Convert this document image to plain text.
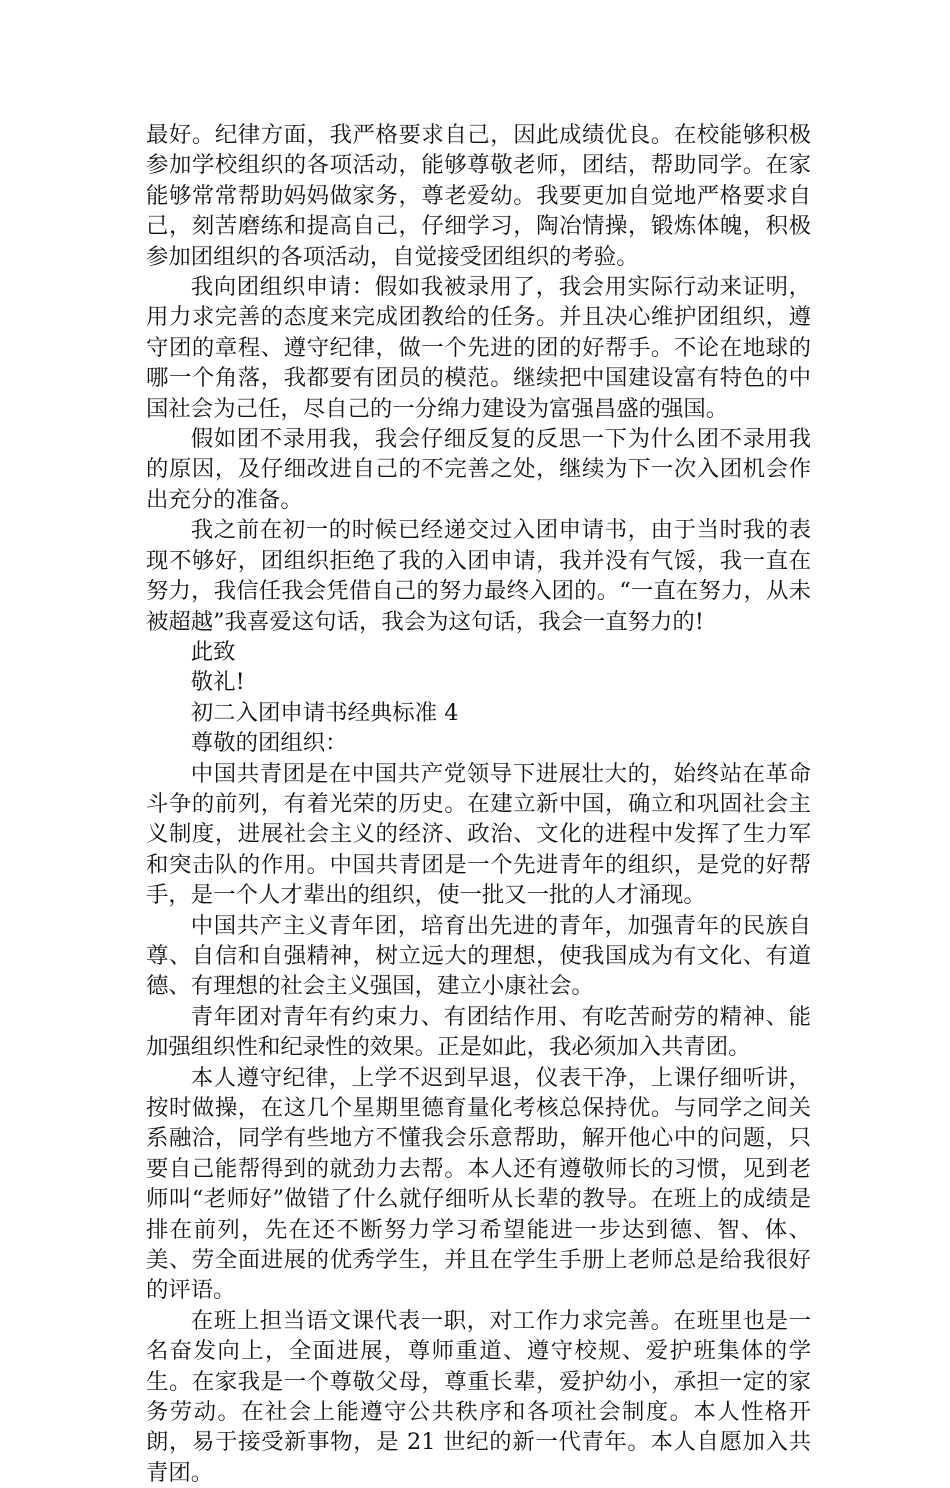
最好。纪律方面，我严格要求自己，因此成绩优良。在校能够积极参加学校组织的各项活动，能够尊敬老师，团结，帮助同学。在家能够常常帮助妈妈做家务，尊老爱幼。我要更加自觉地严格要求自己，刻苦磨练和提高自己，仔细学习，陶冶情操，锻炼体魄，积极参加团组织的各项活动，自觉接受团组织的考验。

我向团组织申请：假如我被录用了，我会用实际行动来证明，用力求完善的态度来完成团教给的任务。并且决心维护团组织，遵守团的章程、遵守纪律，做一个先进的团的好帮手。不论在地球的哪一个角落，我都要有团员的模范。继续把中国建设富有特色的中国社会为己任，尽自己的一分绵力建设为富强昌盛的强国。

假如团不录用我，我会仔细反复的反思一下为什么团不录用我的原因，及仔细改进自己的不完善之处，继续为下一次入团机会作出充分的准备。

我之前在初一的时候已经递交过入团申请书，由于当时我的表现不够好，团组织拒绝了我的入团申请，我并没有气馁，我一直在努力，我信任我会凭借自己的努力最终入团的。“一直在努力，从未被超越”我喜爱这句话，我会为这句话，我会一直努力的!

此致

敬礼!

初二入团申请书经典标准 4

尊敬的团组织：

中国共青团是在中国共产党领导下进展壮大的，始终站在革命斗争的前列，有着光荣的历史。在建立新中国，确立和巩固社会主义制度，进展社会主义的经济、政治、文化的进程中发挥了生力军和突击队的作用。中国共青团是一个先进青年的组织，是党的好帮手，是一个人才辈出的组织，使一批又一批的人才涌现。

中国共产主义青年团，培育出先进的青年，加强青年的民族自尊、自信和自强精神，树立远大的理想，使我国成为有文化、有道德、有理想的社会主义强国，建立小康社会。

青年团对青年有约束力、有团结作用、有吃苦耐劳的精神、能加强组织性和纪录性的效果。正是如此，我必须加入共青团。

本人遵守纪律，上学不迟到早退，仪表干净，上课仔细听讲，按时做操，在这几个星期里德育量化考核总保持优。与同学之间关系融洽，同学有些地方不懂我会乐意帮助，解开他心中的问题，只要自己能帮得到的就劲力去帮。本人还有遵敬师长的习惯，见到老师叫“老师好”做错了什么就仔细听从长辈的教导。在班上的成绩是排在前列，先在还不断努力学习希望能进一步达到德、智、体、美、劳全面进展的优秀学生，并且在学生手册上老师总是给我很好的评语。

在班上担当语文课代表一职，对工作力求完善。在班里也是一名奋发向上，全面进展，尊师重道、遵守校规、爱护班集体的学生。在家我是一个尊敬父母，尊重长辈，爱护幼小，承担一定的家务劳动。在社会上能遵守公共秩序和各项社会制度。本人性格开朗，易于接受新事物，是 21 世纪的新一代青年。本人自愿加入共青团。
